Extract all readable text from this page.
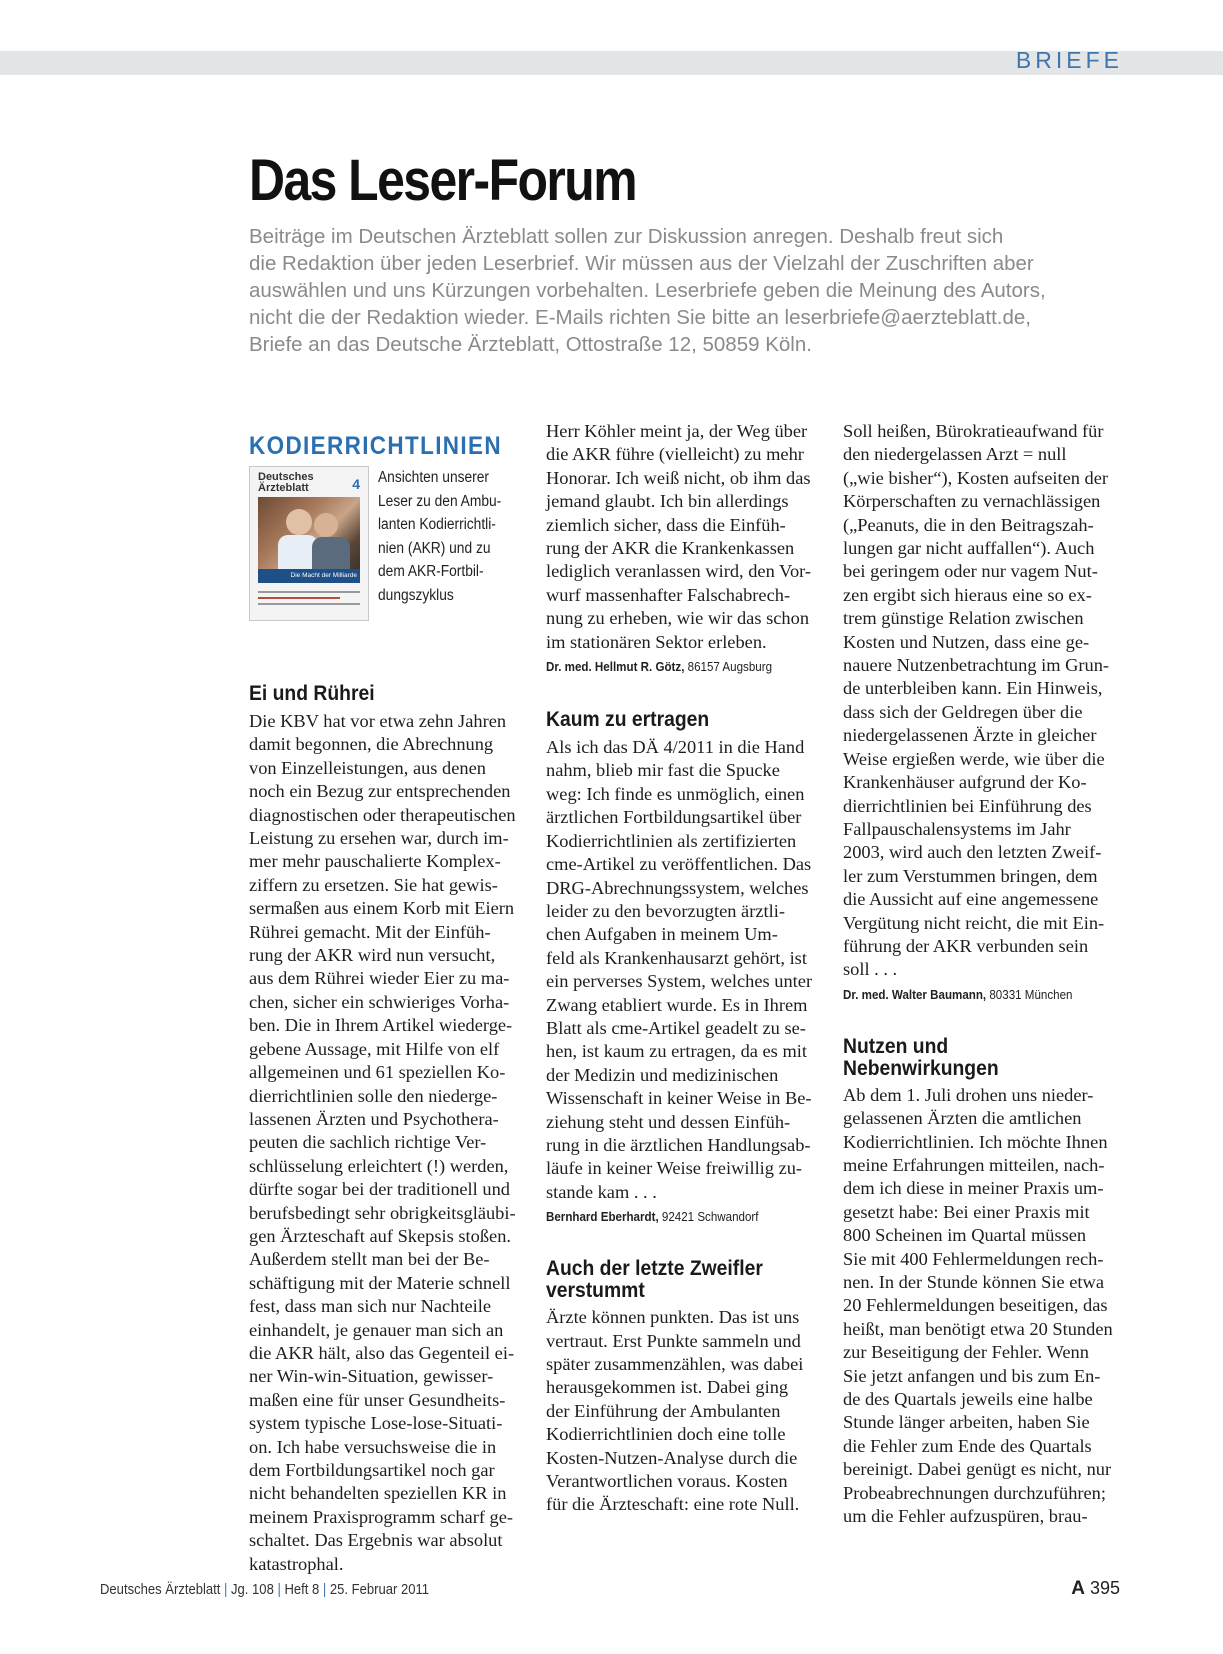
BRIEFE
Das Leser-Forum
Beiträge im Deutschen Ärzteblatt sollen zur Diskussion anregen. Deshalb freut sich
die Redaktion über jeden Leserbrief. Wir müssen aus der Vielzahl der Zuschriften aber
auswählen und uns Kürzungen vorbehalten. Leserbriefe geben die Meinung des Autors,
nicht die der Redaktion wieder. E-Mails richten Sie bitte an leserbriefe@aerzteblatt.de,
Briefe an das Deutsche Ärzteblatt, Ottostraße 12, 50859 Köln.
KODIERRICHTLINIEN
Deutsches Ärzteblatt	4
Die Macht der Milliarde
Ansichten unserer
Leser zu den Ambu-
lanten Kodierrichtli-
nien (AKR) und zu
dem AKR-Fortbil-
dungszyklus
Ei und Rührei
Die KBV hat vor etwa zehn Jahren
damit begonnen, die Abrechnung
von Einzelleistungen, aus denen
noch ein Bezug zur entsprechenden
diagnostischen oder therapeutischen
Leistung zu ersehen war, durch im-
mer mehr pauschalierte Komplex-
ziffern zu ersetzen. Sie hat gewis-
sermaßen aus einem Korb mit Eiern
Rührei gemacht. Mit der Einfüh-
rung der AKR wird nun versucht,
aus dem Rührei wieder Eier zu ma-
chen, sicher ein schwieriges Vorha-
ben. Die in Ihrem Artikel wiederge-
gebene Aussage, mit Hilfe von elf
allgemeinen und 61 speziellen Ko-
dierrichtlinien solle den niederge-
lassenen Ärzten und Psychothera-
peuten die sachlich richtige Ver-
schlüsselung erleichtert (!) werden,
dürfte sogar bei der traditionell und
berufsbedingt sehr obrigkeitsgläubi-
gen Ärzteschaft auf Skepsis stoßen.
Außerdem stellt man bei der Be-
schäftigung mit der Materie schnell
fest, dass man sich nur Nachteile
einhandelt, je genauer man sich an
die AKR hält, also das Gegenteil ei-
ner Win-win-Situation, gewisser-
maßen eine für unser Gesundheits-
system typische Lose-lose-Situati-
on. Ich habe versuchsweise die in
dem Fortbildungsartikel noch gar
nicht behandelten speziellen KR in
meinem Praxisprogramm scharf ge-
schaltet. Das Ergebnis war absolut
katastrophal.
Herr Köhler meint ja, der Weg über
die AKR führe (vielleicht) zu mehr
Honorar. Ich weiß nicht, ob ihm das
jemand glaubt. Ich bin allerdings
ziemlich sicher, dass die Einfüh-
rung der AKR die Krankenkassen
lediglich veranlassen wird, den Vor-
wurf massenhafter Falschabrech-
nung zu erheben, wie wir das schon
im stationären Sektor erleben.
Dr. med. Hellmut R. Götz, 86157 Augsburg
Kaum zu ertragen
Als ich das DÄ 4/2011 in die Hand
nahm, blieb mir fast die Spucke
weg: Ich finde es unmöglich, einen
ärztlichen Fortbildungsartikel über
Kodierrichtlinien als zertifizierten
cme-Artikel zu veröffentlichen. Das
DRG-Abrechnungssystem, welches
leider zu den bevorzugten ärztli-
chen Aufgaben in meinem Um-
feld als Krankenhausarzt gehört, ist
ein perverses System, welches unter
Zwang etabliert wurde. Es in Ihrem
Blatt als cme-Artikel geadelt zu se-
hen, ist kaum zu ertragen, da es mit
der Medizin und medizinischen
Wissenschaft in keiner Weise in Be-
ziehung steht und dessen Einfüh-
rung in die ärztlichen Handlungsab-
läufe in keiner Weise freiwillig zu-
stande kam . . .
Bernhard Eberhardt, 92421 Schwandorf
Auch der letzte Zweifler
verstummt
Ärzte können punkten. Das ist uns
vertraut. Erst Punkte sammeln und
später zusammenzählen, was dabei
herausgekommen ist. Dabei ging
der Einführung der Ambulanten
Kodierrichtlinien doch eine tolle
Kosten-Nutzen-Analyse durch die
Verantwortlichen voraus. Kosten
für die Ärzteschaft: eine rote Null.
Soll heißen, Bürokratieaufwand für
den niedergelassen Arzt = null
(„wie bisher“), Kosten aufseiten der
Körperschaften zu vernachlässigen
(„Peanuts, die in den Beitragszah-
lungen gar nicht auffallen“). Auch
bei geringem oder nur vagem Nut-
zen ergibt sich hieraus eine so ex-
trem günstige Relation zwischen
Kosten und Nutzen, dass eine ge-
nauere Nutzenbetrachtung im Grun-
de unterbleiben kann. Ein Hinweis,
dass sich der Geldregen über die
niedergelassenen Ärzte in gleicher
Weise ergießen werde, wie über die
Krankenhäuser aufgrund der Ko-
dierrichtlinien bei Einführung des
Fallpauschalensystems im Jahr
2003, wird auch den letzten Zweif-
ler zum Verstummen bringen, dem
die Aussicht auf eine angemessene
Vergütung nicht reicht, die mit Ein-
führung der AKR verbunden sein
soll . . .
Dr. med. Walter Baumann, 80331 München
Nutzen und
Nebenwirkungen
Ab dem 1. Juli drohen uns nieder-
gelassenen Ärzten die amtlichen
Kodierrichtlinien. Ich möchte Ihnen
meine Erfahrungen mitteilen, nach-
dem ich diese in meiner Praxis um-
gesetzt habe: Bei einer Praxis mit
800 Scheinen im Quartal müssen
Sie mit 400 Fehlermeldungen rech-
nen. In der Stunde können Sie etwa
20 Fehlermeldungen beseitigen, das
heißt, man benötigt etwa 20 Stunden
zur Beseitigung der Fehler. Wenn
Sie jetzt anfangen und bis zum En-
de des Quartals jeweils eine halbe
Stunde länger arbeiten, haben Sie
die Fehler zum Ende des Quartals
bereinigt. Dabei genügt es nicht, nur
Probeabrechnungen durchzuführen;
um die Fehler aufzuspüren, brau-
Deutsches Ärzteblatt | Jg. 108 | Heft 8 | 25. Februar 2011	A 395
